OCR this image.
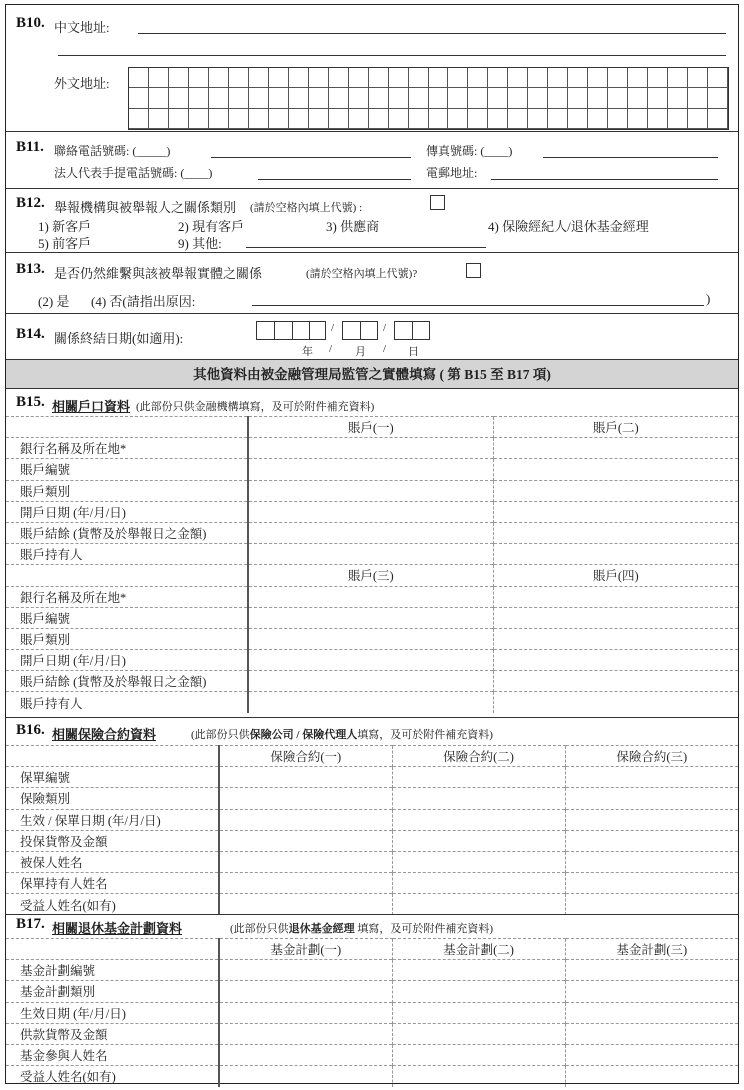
B10. 中文地址:
外文地址:
B11. 聯絡電話號碼: (_____)	傳真號碼: (____)
法人代表手提電話號碼: (____)	電郵地址:
B12. 舉報機構與被舉報人之關係類別 (請於空格內填上代號) :
1) 新客戶	2) 現有客戶	3) 供應商	4) 保險經紀人/退休基金經理
5) 前客戶	9) 其他:
B13. 是否仍然維繫與該被舉報實體之關係	(請於空格內填上代號)?
(2) 是 (4) 否(請指出原因:	)
B14. 關係終結日期(如適用):
/	/
年 / 月 / 日
其他資料由被金融管理局監管之實體填寫 ( 第 B15 至 B17 項)
B15. 相關戶口資料 (此部份只供金融機構填寫，及可於附件補充資料)
	賬戶(一)	賬戶(二)
銀行名稱及所在地*		
賬戶編號		
賬戶類別		
開戶日期 (年/月/日)		
賬戶結餘 (貨幣及於舉報日之金額)		
賬戶持有人		
	賬戶(三)	賬戶(四)
銀行名稱及所在地*		
賬戶編號		
賬戶類別		
開戶日期 (年/月/日)		
賬戶結餘 (貨幣及於舉報日之金額)		
賬戶持有人		
B16. 相關保險合約資料	(此部份只供保險公司 / 保險代理人填寫，及可於附件補充資料)
	保險合約(一)	保險合約(二)	保險合約(三)
保單編號			
保險類別			
生效 / 保單日期 (年/月/日)			
投保貨幣及金額			
被保人姓名			
保單持有人姓名			
受益人姓名(如有)			
B17. 相關退休基金計劃資料	(此部份只供退休基金經理 填寫，及可於附件補充資料)
	基金計劃(一)	基金計劃(二)	基金計劃(三)
基金計劃編號			
基金計劃類別			
生效日期 (年/月/日)			
供款貨幣及金額			
基金參與人姓名			
受益人姓名(如有)			
